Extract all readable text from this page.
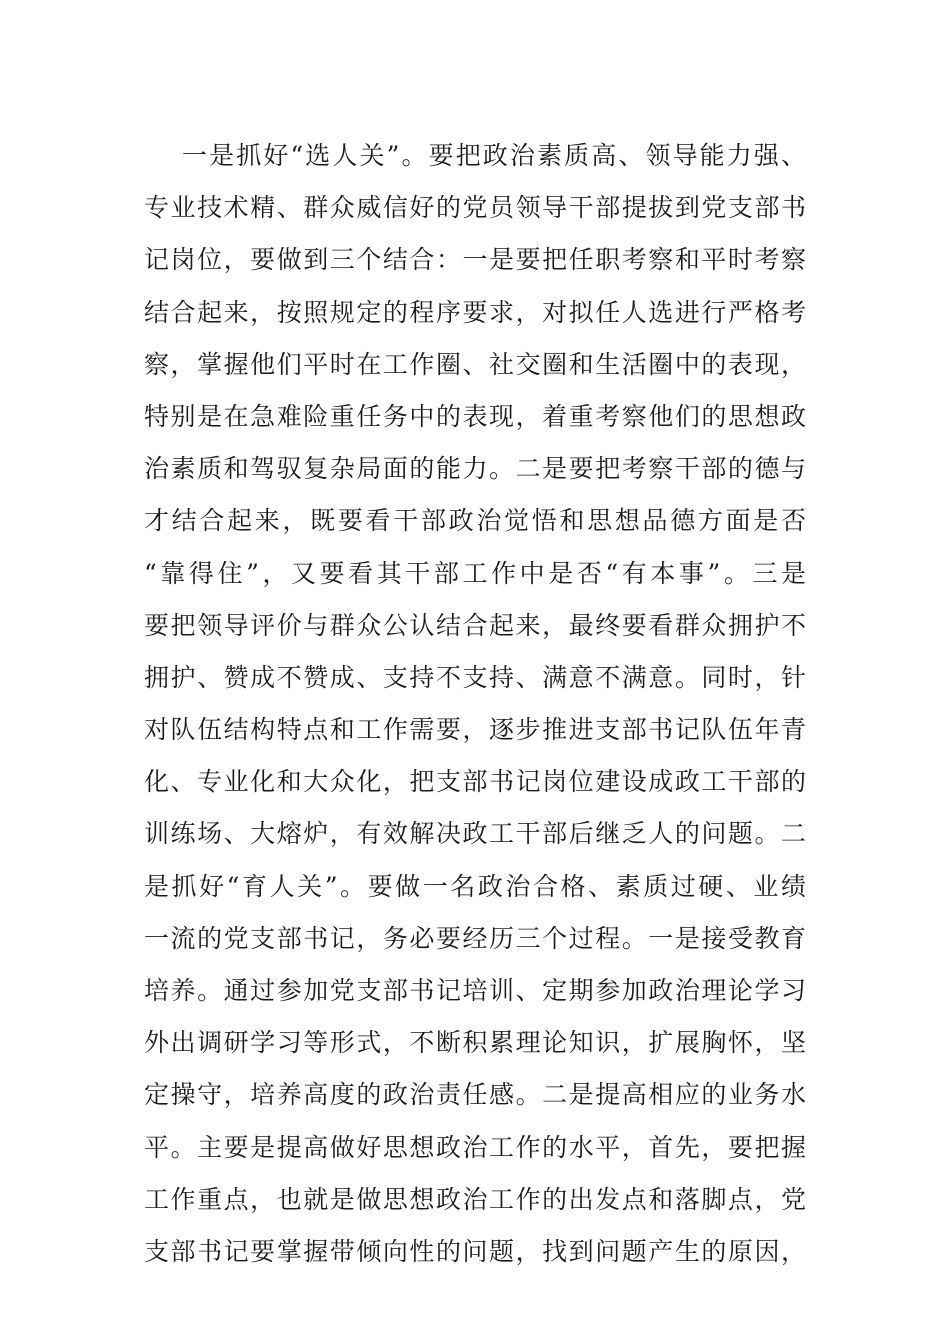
一是抓好“选人关”。要把政治素质高、领导能力强、
专业技术精、群众威信好的党员领导干部提拔到党支部书
记岗位，要做到三个结合：一是要把任职考察和平时考察
结合起来，按照规定的程序要求，对拟任人选进行严格考
察，掌握他们平时在工作圈、社交圈和生活圈中的表现，
特别是在急难险重任务中的表现，着重考察他们的思想政
治素质和驾驭复杂局面的能力。二是要把考察干部的德与
才结合起来，既要看干部政治觉悟和思想品德方面是否
“靠得住”，又要看其干部工作中是否“有本事”。三是
要把领导评价与群众公认结合起来，最终要看群众拥护不
拥护、赞成不赞成、支持不支持、满意不满意。同时，针
对队伍结构特点和工作需要，逐步推进支部书记队伍年青
化、专业化和大众化，把支部书记岗位建设成政工干部的
训练场、大熔炉，有效解决政工干部后继乏人的问题。二
是抓好“育人关”。要做一名政治合格、素质过硬、业绩
一流的党支部书记，务必要经历三个过程。一是接受教育
培养。通过参加党支部书记培训、定期参加政治理论学习
外出调研学习等形式，不断积累理论知识，扩展胸怀，坚
定操守，培养高度的政治责任感。二是提高相应的业务水
平。主要是提高做好思想政治工作的水平，首先，要把握
工作重点，也就是做思想政治工作的出发点和落脚点，党
支部书记要掌握带倾向性的问题，找到问题产生的原因，
